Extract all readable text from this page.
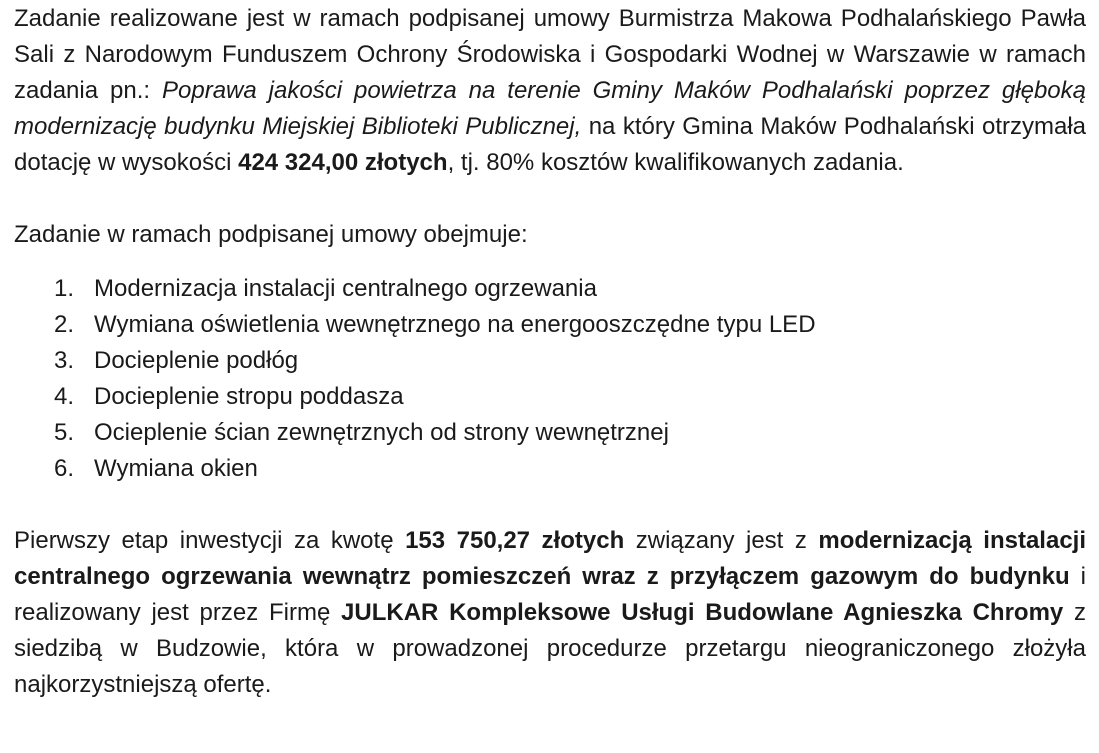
Zadanie realizowane jest w ramach podpisanej umowy Burmistrza Makowa Podhalańskiego Pawła Sali z Narodowym Funduszem Ochrony Środowiska i Gospodarki Wodnej w Warszawie w ramach zadania pn.: Poprawa jakości powietrza na terenie Gminy Maków Podhalański poprzez głęboką modernizację budynku Miejskiej Biblioteki Publicznej, na który Gmina Maków Podhalański otrzymała dotację w wysokości 424 324,00 złotych, tj. 80% kosztów kwalifikowanych zadania.

Zadanie w ramach podpisanej umowy obejmuje:

1. Modernizacja instalacji centralnego ogrzewania
2. Wymiana oświetlenia wewnętrznego na energooszczędne typu LED
3. Docieplenie podłóg
4. Docieplenie stropu poddasza
5. Ocieplenie ścian zewnętrznych od strony wewnętrznej
6. Wymiana okien

Pierwszy etap inwestycji za kwotę 153 750,27 złotych związany jest z modernizacją instalacji centralnego ogrzewania wewnątrz pomieszczeń wraz z przyłączem gazowym do budynku i realizowany jest przez Firmę JULKAR Kompleksowe Usługi Budowlane Agnieszka Chromy z siedzibą w Budzowie, która w prowadzonej procedurze przetargu nieograniczonego złożyła najkorzystniejszą ofertę.
